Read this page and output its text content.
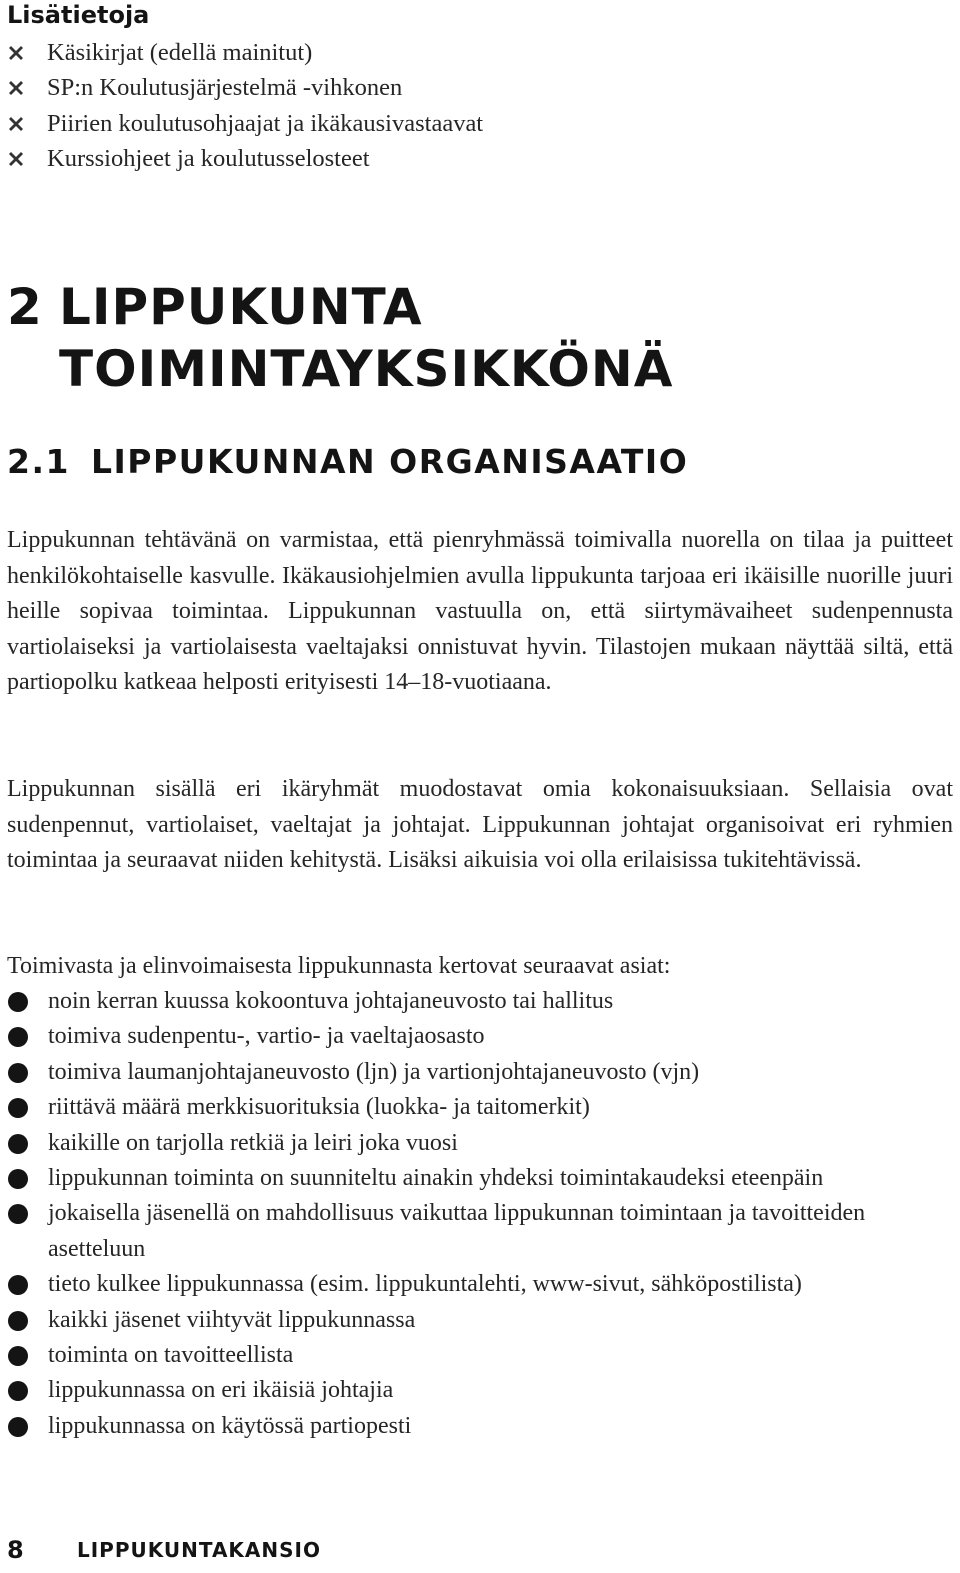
Lisätietoja
Käsikirjat (edellä mainitut)
SP:n Koulutusjärjestelmä -vihkonen
Piirien koulutusohjaajat ja ikäkausivastaavat
Kurssiohjeet ja koulutusselosteet
2 LIPPUKUNTA
TOIMINTAYKSIKKÖNÄ
2.1 LIPPUKUNNAN ORGANISAATIO

Lippukunnan tehtävänä on varmistaa, että pienryhmässä toimivalla nuorella on tilaa ja puitteet henkilökohtaiselle kasvulle. Ikäkausiohjelmien avulla lippukunta tarjoaa eri ikäisille nuorille juuri heille sopivaa toimintaa. Lippukunnan vastuulla on, että siirtymävaiheet sudenpennusta vartiolaiseksi ja vartiolaisesta vaeltajaksi onnistuvat hyvin. Tilastojen mukaan näyttää siltä, että partiopolku katkeaa helposti erityisesti 14–18-vuotiaana.

Lippukunnan sisällä eri ikäryhmät muodostavat omia kokonaisuuksiaan. Sellaisia ovat sudenpennut, vartiolaiset, vaeltajat ja johtajat. Lippukunnan johtajat organisoivat eri ryhmien toimintaa ja seuraavat niiden kehitystä. Lisäksi aikuisia voi olla erilaisissa tukitehtävissä.

Toimivasta ja elinvoimaisesta lippukunnasta kertovat seuraavat asiat:

noin kerran kuussa kokoontuva johtajaneuvosto tai hallitus
toimiva sudenpentu-, vartio- ja vaeltajaosasto
toimiva laumanjohtajaneuvosto (ljn) ja vartionjohtajaneuvosto (vjn)
riittävä määrä merkkisuorituksia (luokka- ja taitomerkit)
kaikille on tarjolla retkiä ja leiri joka vuosi
lippukunnan toiminta on suunniteltu ainakin yhdeksi toimintakaudeksi eteenpäin
jokaisella jäsenellä on mahdollisuus vaikuttaa lippukunnan toimintaan ja tavoitteiden asetteluun
tieto kulkee lippukunnassa (esim. lippukuntalehti, www-sivut, sähköpostilista)
kaikki jäsenet viihtyvät lippukunnassa
toiminta on tavoitteellista
lippukunnassa on eri ikäisiä johtajia
lippukunnassa on käytössä partiopesti
8	LIPPUKUNTAKANSIO
